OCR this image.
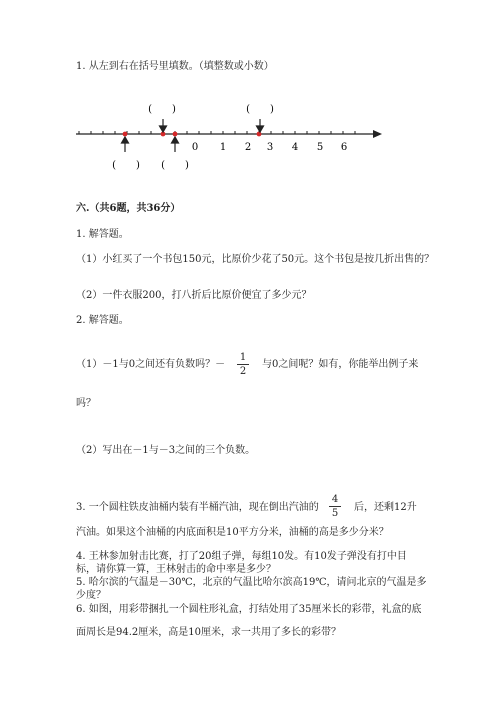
1. 从左到右在括号里填数。（填整数或小数）
0 1 2 3 4 5 6
(　　)	(　　)
(　　) (　　)
六.（共6题，共36分）
1. 解答题。
（1）小红买了一个书包150元，比原价少花了50元。这个书包是按几折出售的？
（2）一件衣服200，打八折后比原价便宜了多少元？
2. 解答题。
（1）－1与0之间还有负数吗？－
1
2
与0之间呢？如有，你能举出例子来
吗？
（2）写出在－1与－3之间的三个负数。
3. 一个圆柱铁皮油桶内装有半桶汽油，现在倒出汽油的
4
5
后，还剩12升
汽油。如果这个油桶的内底面积是10平方分米，油桶的高是多少分米？
4. 王林参加射击比赛，打了20组子弹，每组10发。有10发子弹没有打中目
标，请你算一算，王林射击的命中率是多少？
5. 哈尔滨的气温是－30℃，北京的气温比哈尔滨高19℃，请问北京的气温是多
少度？
6. 如图，用彩带捆扎一个圆柱形礼盒，打结处用了35厘米长的彩带，礼盒的底
面周长是94.2厘米，高是10厘米，求一共用了多长的彩带？
